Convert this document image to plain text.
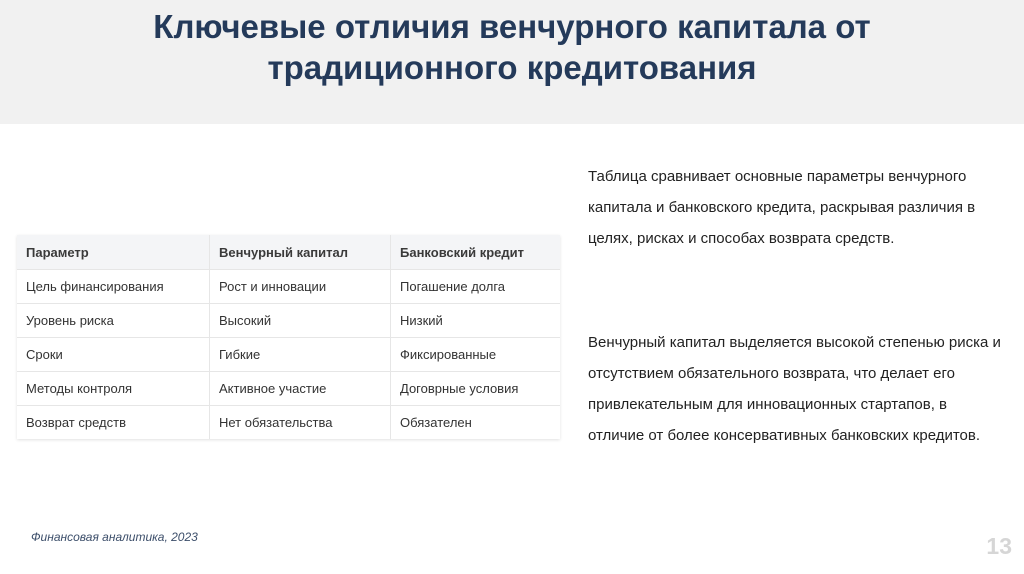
Ключевые отличия венчурного капитала от
традиционного кредитования
Параметр	Венчурный капитал	Банковский кредит
Цель финансирования	Рост и инновации	Погашение долга
Уровень риска	Высокий	Низкий
Сроки	Гибкие	Фиксированные
Методы контроля	Активное участие	Договрные условия
Возврат средств	Нет обязательства	Обязателен

Таблица сравнивает основные параметры венчурного капитала и банковского кредита, раскрывая различия в целях, рисках и способах возврата средств.

Венчурный капитал выделяется высокой степенью риска и отсутствием обязательного возврата, что делает его привлекательным для инновационных стартапов, в отличие от более консервативных банковских кредитов.

Финансовая аналитика, 2023	13
